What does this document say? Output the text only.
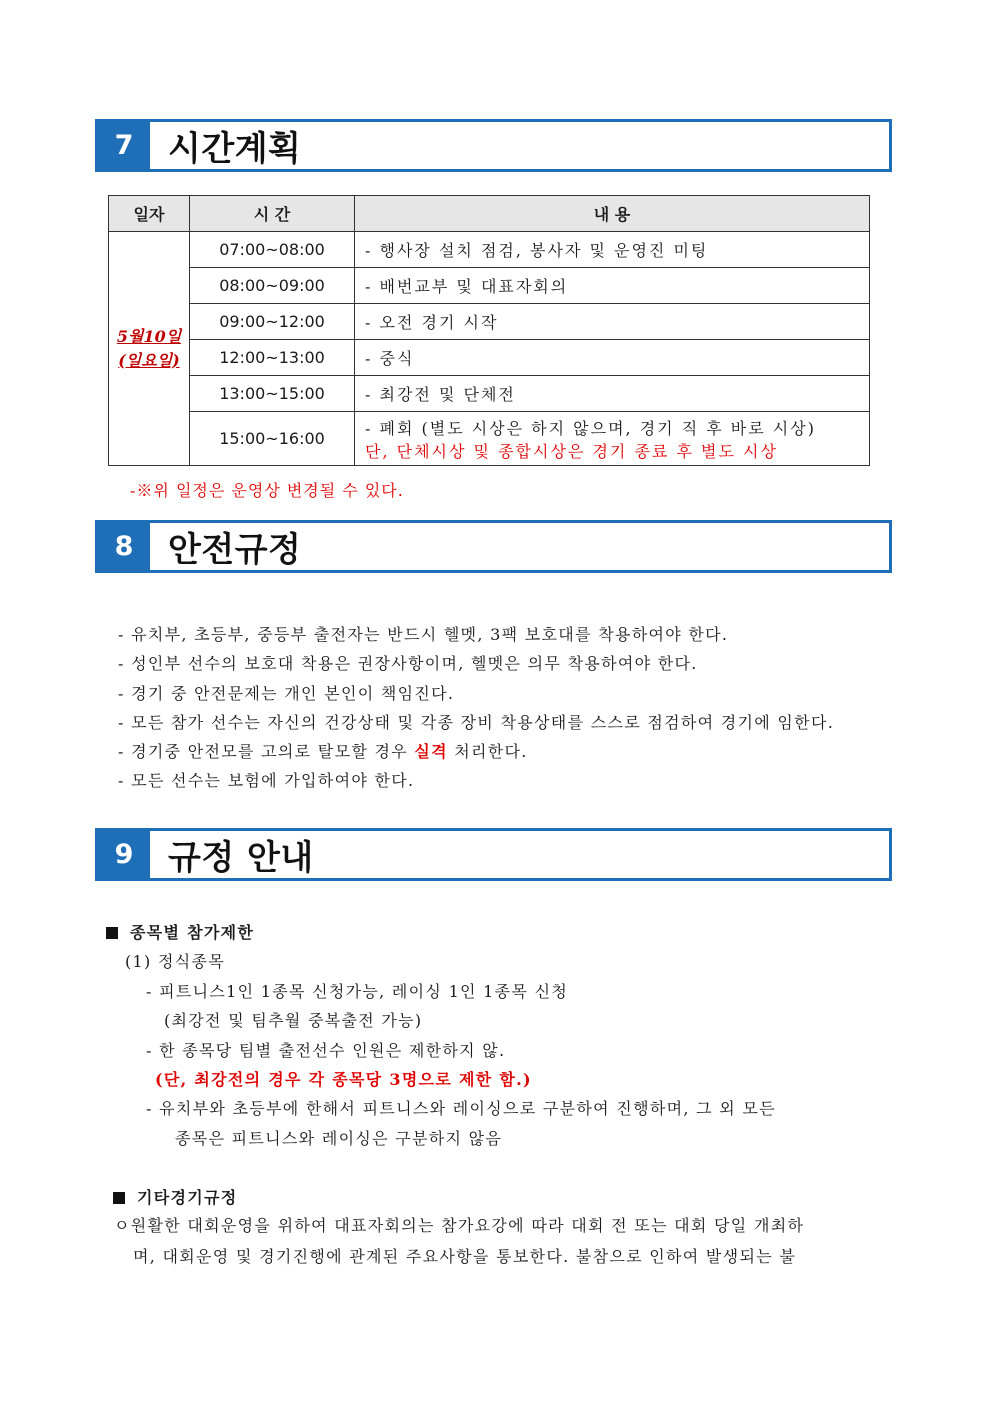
7	시간계획
일자	시 간	내 용

5월10일
(일요일)	07:00~08:00	- 행사장 설치 점검, 봉사자 및 운영진 미팅
	08:00~09:00	- 배번교부 및 대표자회의
	09:00~12:00	- 오전 경기 시작
	12:00~13:00	- 중식
	13:00~15:00	- 최강전 및 단체전
	15:00~16:00	- 폐회 (별도 시상은 하지 않으며, 경기 직 후 바로 시상)
단, 단체시상 및 종합시상은 경기 종료 후 별도 시상
-※위 일정은 운영상 변경될 수 있다.
8	안전규정
- 유치부, 초등부, 중등부 출전자는 반드시 헬멧, 3팩 보호대를 착용하여야 한다.
- 성인부 선수의 보호대 착용은 권장사항이며, 헬멧은 의무 착용하여야 한다.
- 경기 중 안전문제는 개인 본인이 책임진다.
- 모든 참가 선수는 자신의 건강상태 및 각종 장비 착용상태를 스스로 점검하여 경기에 임한다.
- 경기중 안전모를 고의로 탈모할 경우 실격 처리한다.
- 모든 선수는 보험에 가입하여야 한다.
9	규정 안내
종목별 참가제한
(1) 정식종목
- 피트니스1인 1종목 신청가능, 레이싱 1인 1종목 신청
(최강전 및 팀추월 중복출전 가능)
- 한 종목당 팀별 출전선수 인원은 제한하지 않.
(단, 최강전의 경우 각 종목당 3명으로 제한 함.)
- 유치부와 초등부에 한해서 피트니스와 레이싱으로 구분하여 진행하며, 그 외 모든
종목은 피트니스와 레이싱은 구분하지 않음
기타경기규정
ㅇ원활한 대회운영을 위하여 대표자회의는 참가요강에 따라 대회 전 또는 대회 당일 개최하
며, 대회운영 및 경기진행에 관계된 주요사항을 통보한다. 불참으로 인하여 발생되는 불
